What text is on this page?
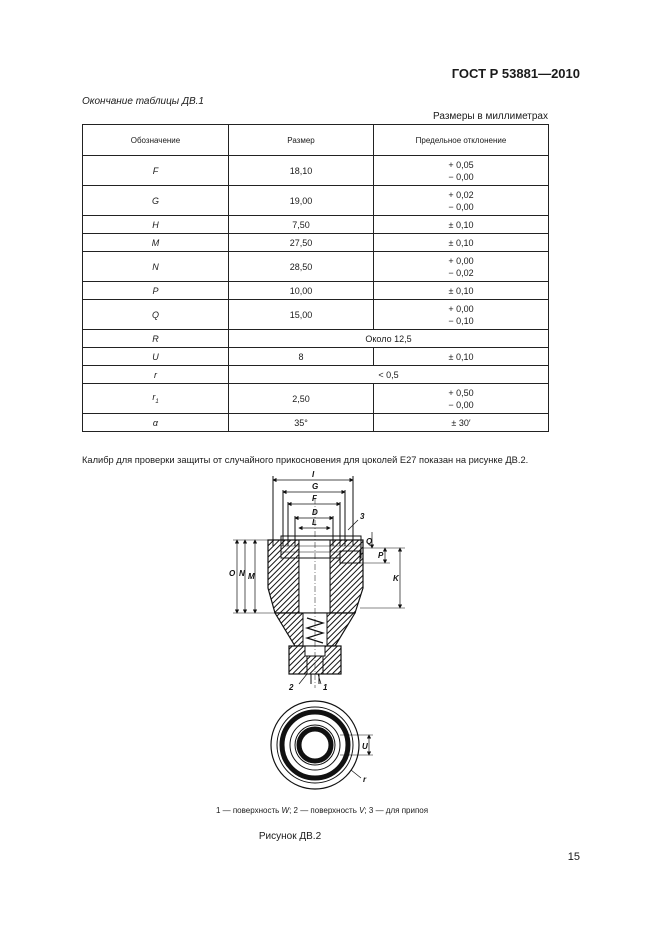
ГОСТ Р 53881—2010
Окончание таблицы ДВ.1
Размеры в миллиметрах
Обозначение	Размер	Предельное отклонение
F	18,10	+ 0,05
− 0,00

G	19,00	+ 0,02
− 0,00

H	7,50	± 0,10

M	27,50	± 0,10

N	28,50	+ 0,00
− 0,02

P	10,00	± 0,10

Q	15,00	+ 0,00
− 0,10

R	Около 12,5	
U	8	± 0,10

r	< 0,5	
$r_1$	2,50	+ 0,50
− 0,00

α	35°	± 30′
Калибр для проверки защиты от случайного прикосновения для цоколей Е27 показан на рисунке ДВ.2.
I
G
F
D
L
3
Q
P
K
O N M
2	1
U
r
1 — поверхность W; 2 — поверхность V; 3 — для припоя
Рисунок ДВ.2
15
